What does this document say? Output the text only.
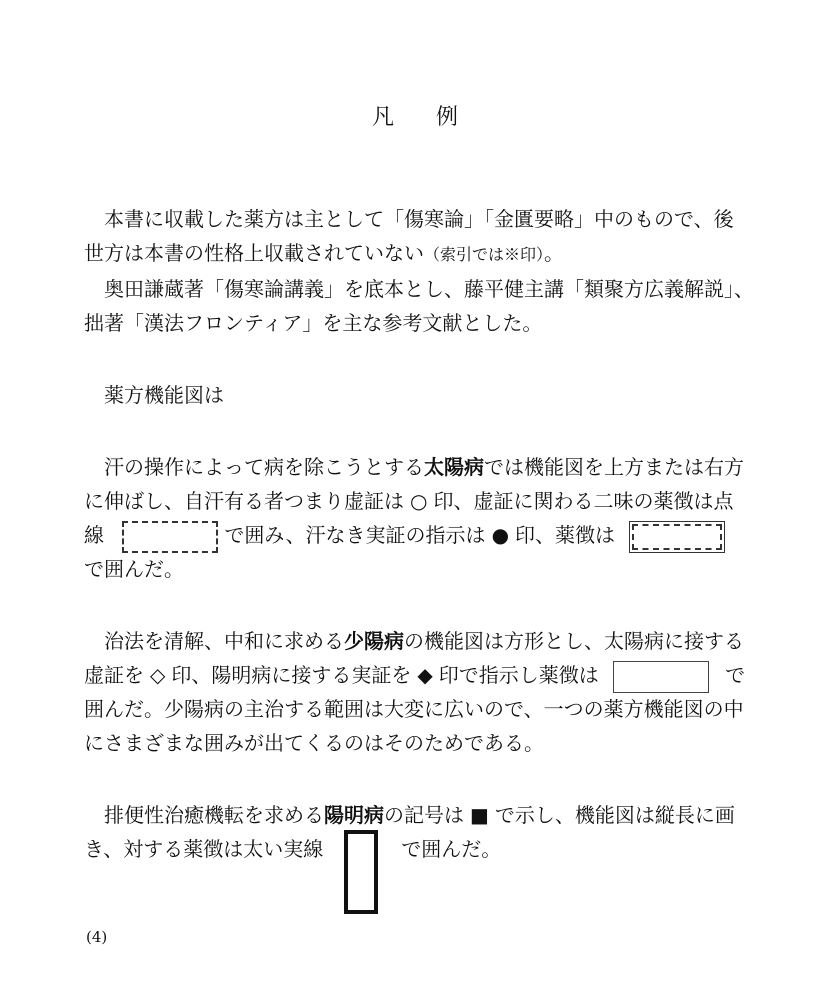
凡 例
本書に収載した薬方は主として「傷寒論」「金匱要略」中のもので、後
世方は本書の性格上収載されていない（索引では※印）。
奥田謙蔵著「傷寒論講義」を底本とし、藤平健主講「類聚方広義解説」、
拙著「漢法フロンティア」を主な参考文献とした。
薬方機能図は
汗の操作によって病を除こうとする太陽病では機能図を上方または右方
に伸ばし、自汗有る者つまり虚証は ○ 印、虚証に関わる二味の薬徴は点
線	で囲み、汗なき実証の指示は ● 印、薬徴は
で囲んだ。
治法を清解、中和に求める少陽病の機能図は方形とし、太陽病に接する
虚証を ◇ 印、陽明病に接する実証を ◆ 印で指示し薬徴は	で
囲んだ。少陽病の主治する範囲は大変に広いので、一つの薬方機能図の中
にさまざまな囲みが出てくるのはそのためである。
排便性治癒機転を求める陽明病の記号は ■ で示し、機能図は縦長に画
き、対する薬徴は太い実線	で囲んだ。
(4)
